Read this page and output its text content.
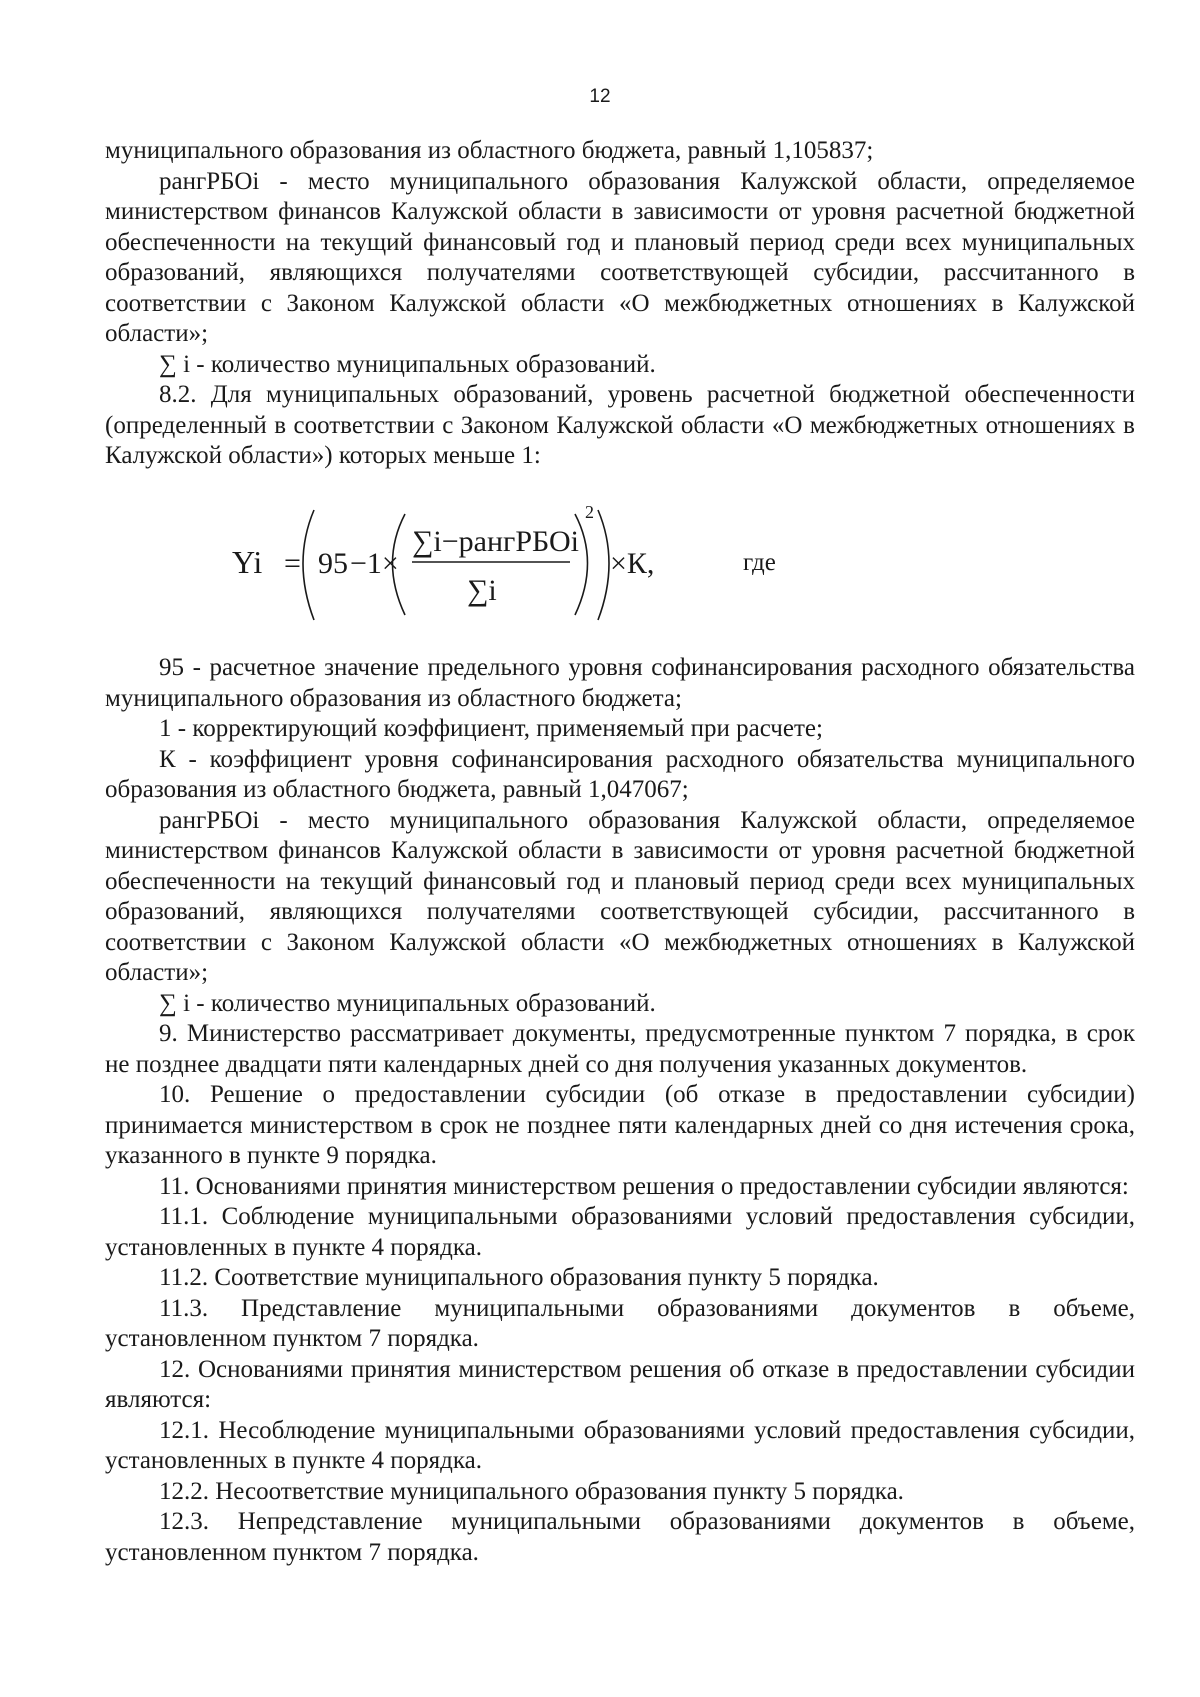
12

муниципального образования из областного бюджета, равный 1,105837;

рангРБОi - место муниципального образования Калужской области, определяемое министерством финансов Калужской области в зависимости от уровня расчетной бюджетной обеспеченности на текущий финансовый год и плановый период среди всех муниципальных образований, являющихся получателями соответствующей субсидии, рассчитанного в соответствии с Законом Калужской области «О межбюджетных отношениях в Калужской области»;

∑ i - количество муниципальных образований.

8.2. Для муниципальных образований, уровень расчетной бюджетной обеспеченности (определенный в соответствии с Законом Калужской области «О межбюджетных отношениях в Калужской области») которых меньше 1:

Yi = 95 −1×
∑i−рангРБОi
∑i
2
×К,	где

95 - расчетное значение предельного уровня софинансирования расходного обязательства муниципального образования из областного бюджета;

1 - корректирующий коэффициент, применяемый при расчете;

К - коэффициент уровня софинансирования расходного обязательства муниципального образования из областного бюджета, равный 1,047067;

рангРБОi - место муниципального образования Калужской области, определяемое министерством финансов Калужской области в зависимости от уровня расчетной бюджетной обеспеченности на текущий финансовый год и плановый период среди всех муниципальных образований, являющихся получателями соответствующей субсидии, рассчитанного в соответствии с Законом Калужской области «О межбюджетных отношениях в Калужской области»;

∑ i - количество муниципальных образований.

9. Министерство рассматривает документы, предусмотренные пунктом 7 порядка, в срок не позднее двадцати пяти календарных дней со дня получения указанных документов.

10. Решение о предоставлении субсидии (об отказе в предоставлении субсидии) принимается министерством в срок не позднее пяти календарных дней со дня истечения срока, указанного в пункте 9 порядка.

11. Основаниями принятия министерством решения о предоставлении субсидии являются:

11.1. Соблюдение муниципальными образованиями условий предоставления субсидии, установленных в пункте 4 порядка.

11.2. Соответствие муниципального образования пункту 5 порядка.

11.3. Представление муниципальными образованиями документов в объеме, установленном пунктом 7 порядка.

12. Основаниями принятия министерством решения об отказе в предоставлении субсидии являются:

12.1. Несоблюдение муниципальными образованиями условий предоставления субсидии, установленных в пункте 4 порядка.

12.2. Несоответствие муниципального образования пункту 5 порядка.

12.3. Непредставление муниципальными образованиями документов в объеме, установленном пунктом 7 порядка.
